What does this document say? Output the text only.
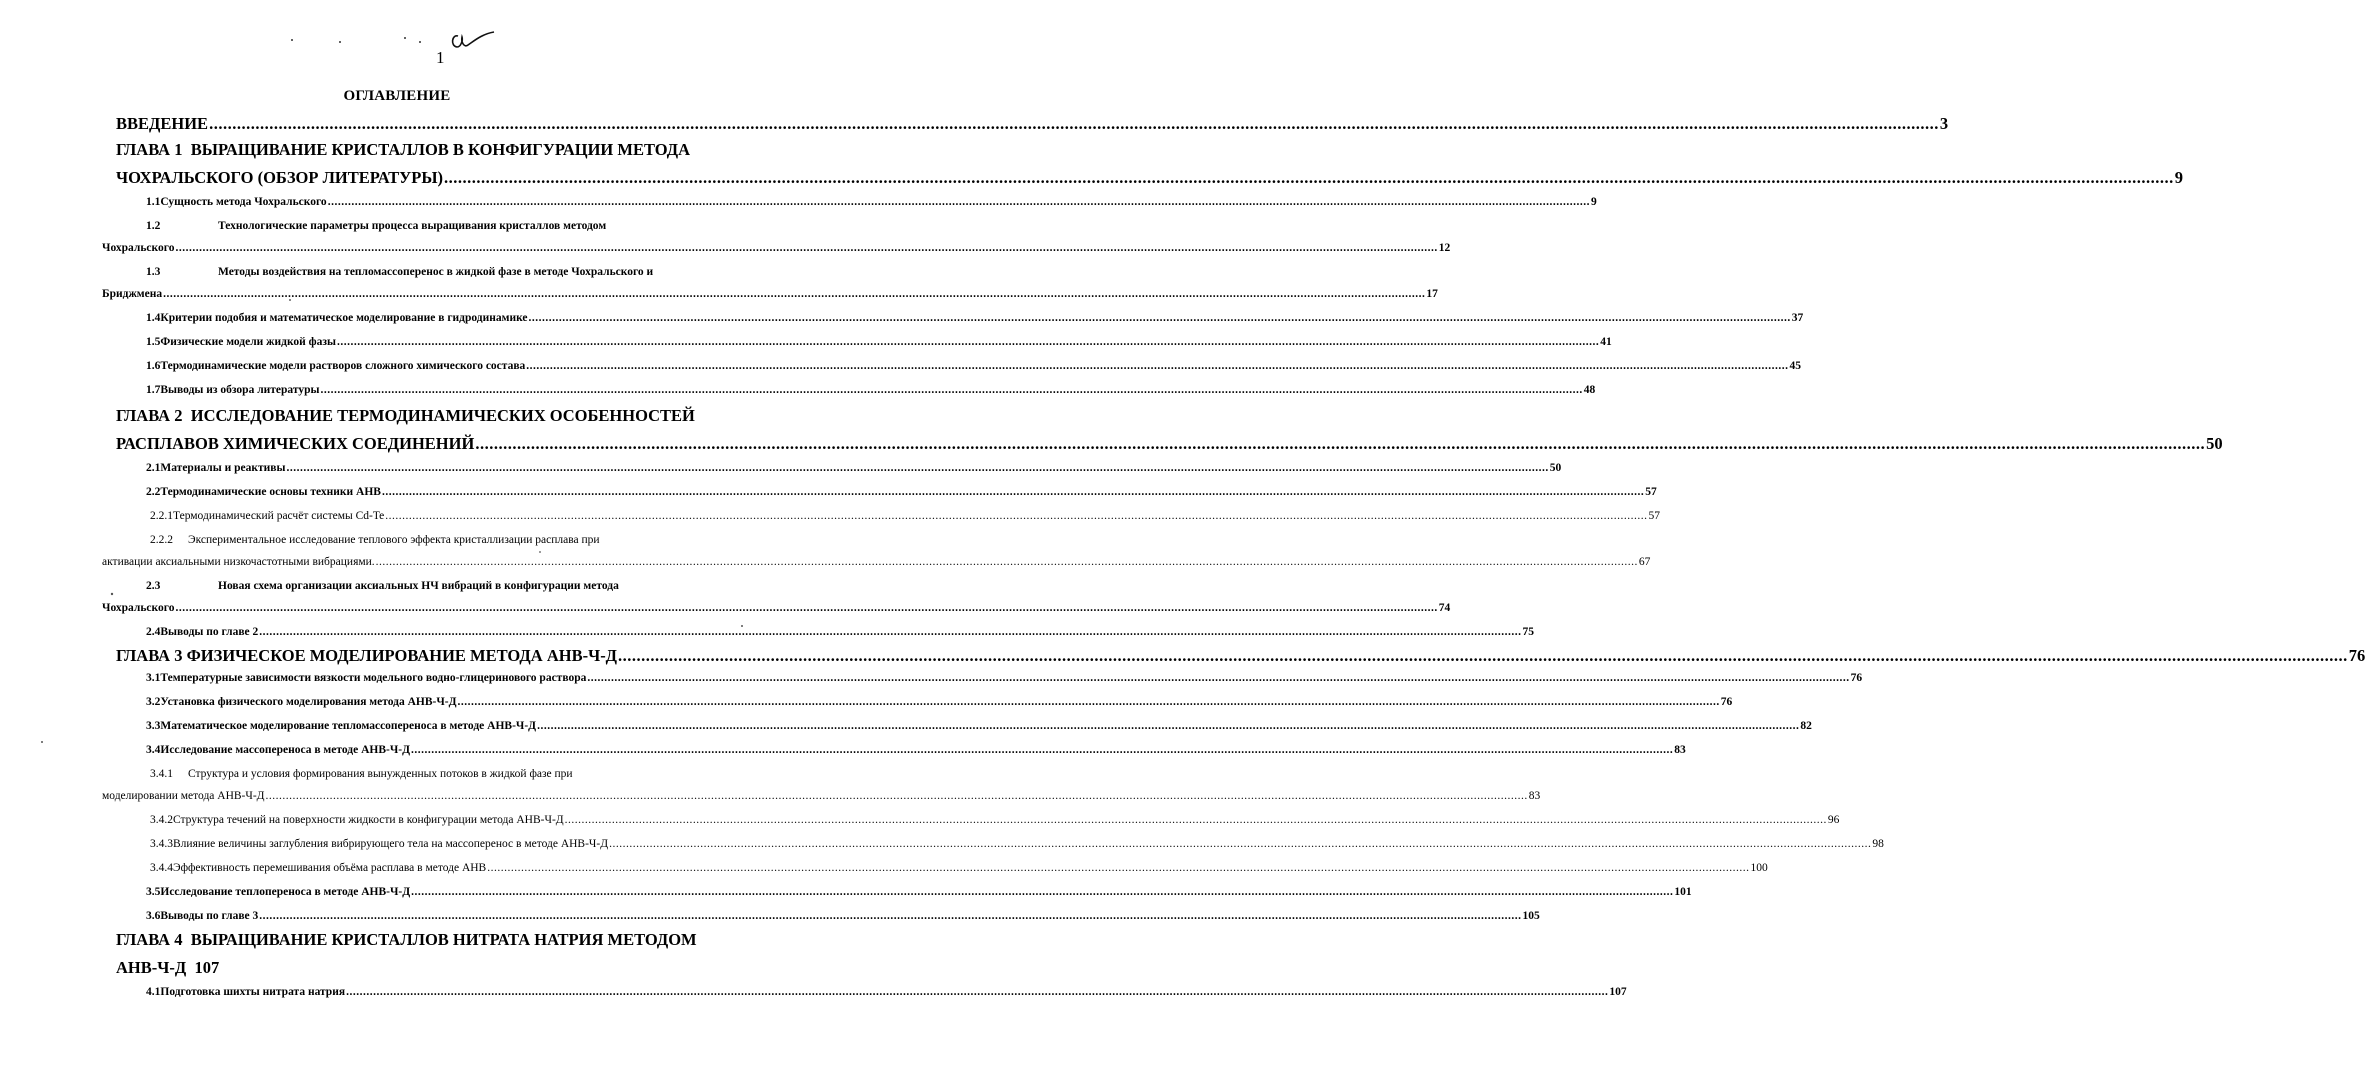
1
ОГЛАВЛЕНИЕ
ВВЕДЕНИЕ .....	3
ГЛАВА 1 ВЫРАЩИВАНИЕ КРИСТАЛЛОВ В КОНФИГУРАЦИИ МЕТОДА
ЧОХРАЛЬСКОГО (ОБЗОР ЛИТЕРАТУРЫ) .....	9
1.1 Сущность метода Чохральского .....	9
1.2	Технологические параметры процесса выращивания кристаллов методом
Чохральского .....	12
1.3	Методы воздействия на тепломассоперенос в жидкой фазе в методе Чохральского и
Бриджмена .....	17
1.4 Критерии подобия и математическое моделирование в гидродинамике .....	37
1.5 Физические модели жидкой фазы .....	41
1.6 Термодинамические модели растворов сложного химического состава .....	45
1.7 Выводы из обзора литературы .....	48
ГЛАВА 2 ИССЛЕДОВАНИЕ ТЕРМОДИНАМИЧЕСКИХ ОСОБЕННОСТЕЙ
РАСПЛАВОВ ХИМИЧЕСКИХ СОЕДИНЕНИЙ .....	50
2.1 Материалы и реактивы .....	50
2.2 Термодинамические основы техники АНВ .....	57
2.2.1 Термодинамический расчёт системы Cd-Te .....	57
2.2.2 Экспериментальное исследование теплового эффекта кристаллизации расплава при
активации аксиальными низкочастотными вибрациями. .....	67
2.3	Новая схема организации аксиальных НЧ вибраций в конфигурации метода
Чохральского .....	74
2.4 Выводы по главе 2 .....	75
ГЛАВА 3
ФИЗИЧЕСКОЕ МОДЕЛИРОВАНИЕ МЕТОДА АНВ-Ч-Д .....	76
3.1 Температурные зависимости вязкости модельного водно-глицеринового раствора .....	76
3.2 Установка физического моделирования метода АНВ-Ч-Д .....	76
3.3 Математическое моделирование тепломассопереноса в методе АНВ-Ч-Д .....	82
3.4 Исследование массопереноса в методе АНВ-Ч-Д .....	83
3.4.1 Структура и условия формирования вынужденных потоков в жидкой фазе при
моделировании метода АНВ-Ч-Д .....	83
3.4.2 Структура течений на поверхности жидкости в конфигурации метода АНВ-Ч-Д .....	96
3.4.3 Влияние величины заглубления вибрирующего тела на массоперенос в методе АНВ-Ч-Д .....	98
3.4.4 Эффективность перемешивания объёма расплава в методе АНВ .....	100
3.5 Исследование теплопереноса в методе АНВ-Ч-Д .....	101
3.6 Выводы по главе 3 .....	105
ГЛАВА 4 ВЫРАЩИВАНИЕ КРИСТАЛЛОВ НИТРАТА НАТРИЯ МЕТОДОМ
АНВ-Ч-Д 107
4.1 Подготовка шихты нитрата натрия .....	107
